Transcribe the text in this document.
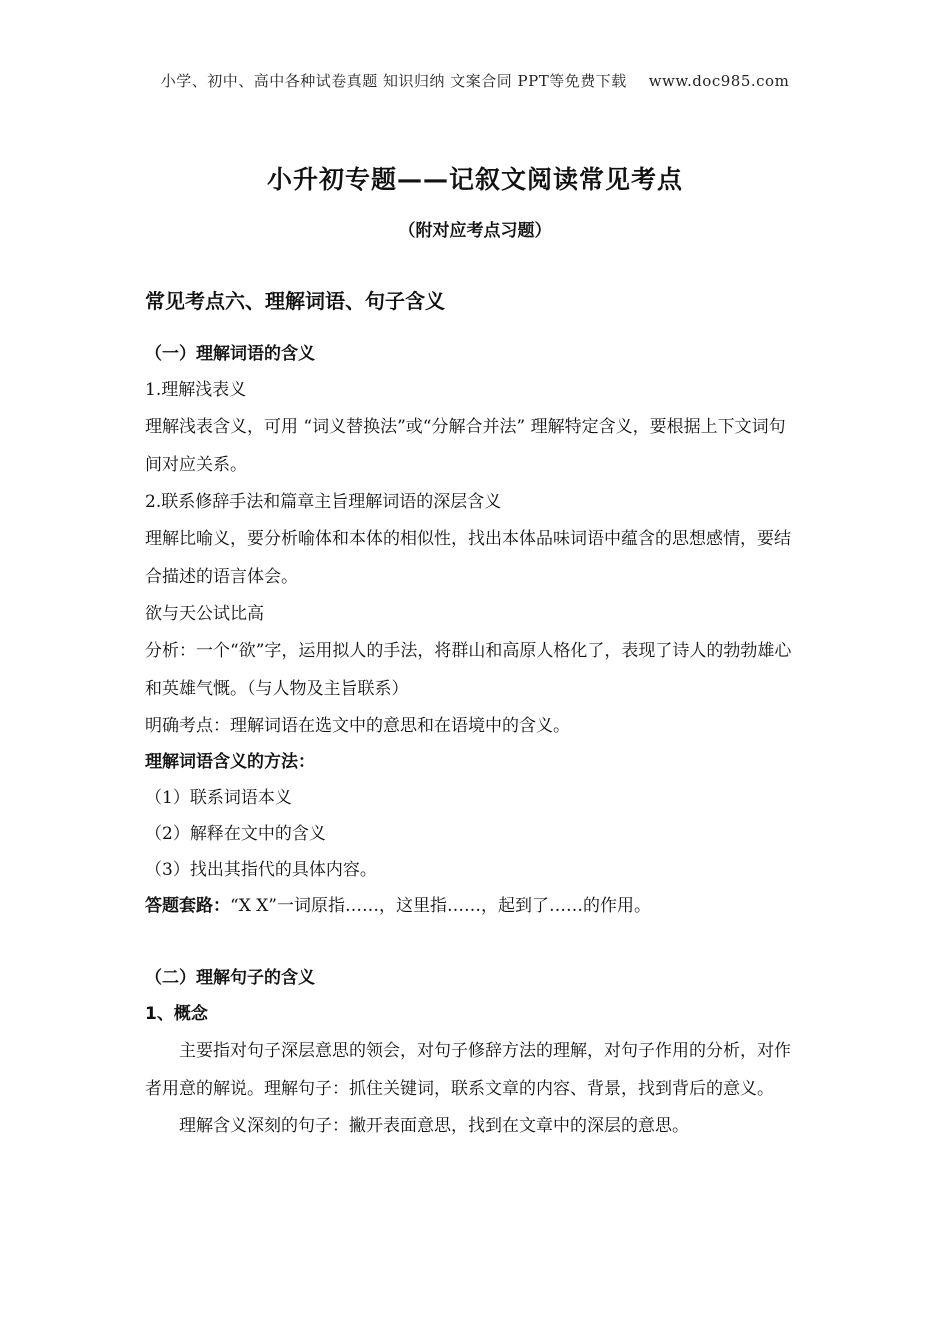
小学、初中、高中各种试卷真题 知识归纳 文案合同 PPT等免费下载 www.doc985.com
小升初专题——记叙文阅读常见考点
（附对应考点习题）
常见考点六、理解词语、句子含义
（一）理解词语的含义
1.理解浅表义
理解浅表含义，可用 “词义替换法”或“分解合并法” 理解特定含义，要根据上下文词句间对应关系。
2.联系修辞手法和篇章主旨理解词语的深层含义
理解比喻义，要分析喻体和本体的相似性，找出本体品味词语中蕴含的思想感情，要结合描述的语言体会。
欲与天公试比高
分析：一个“欲”字，运用拟人的手法，将群山和高原人格化了，表现了诗人的勃勃雄心和英雄气慨。（与人物及主旨联系）
明确考点：理解词语在选文中的意思和在语境中的含义。
理解词语含义的方法：
（1）联系词语本义
（2）解释在文中的含义
（3）找出其指代的具体内容。
答题套路：“X X”一词原指……，这里指……，起到了……的作用。
（二）理解句子的含义
1、概念
主要指对句子深层意思的领会，对句子修辞方法的理解，对句子作用的分析，对作者用意的解说。理解句子：抓住关键词，联系文章的内容、背景，找到背后的意义。
理解含义深刻的句子：撇开表面意思，找到在文章中的深层的意思。
